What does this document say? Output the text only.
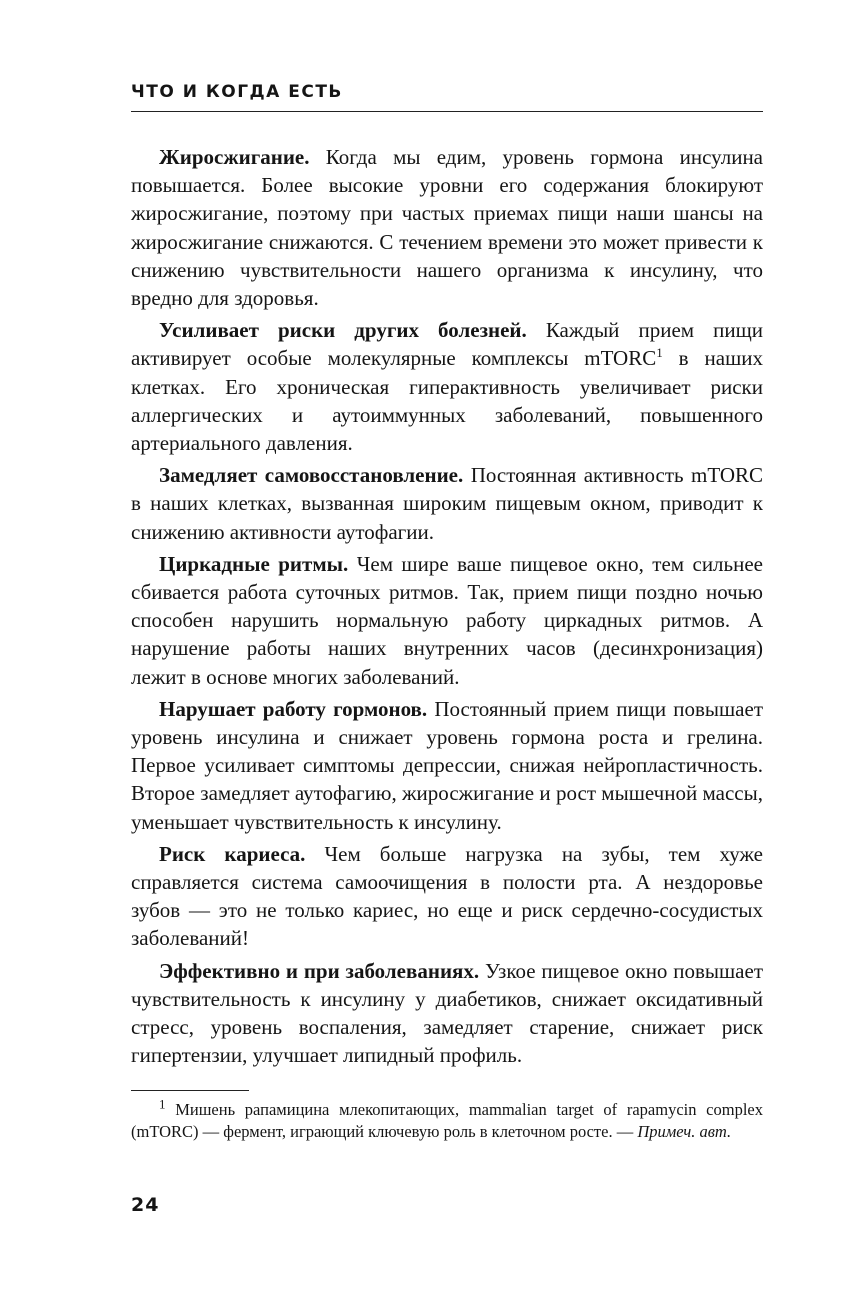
ЧТО И КОГДА ЕСТЬ

Жиросжигание. Когда мы едим, уровень гормона инсулина повышается. Более высокие уровни его содержания блокируют жиросжигание, поэтому при частых приемах пищи наши шансы на жиросжигание снижаются. С течением времени это может привести к снижению чувствительности нашего организма к инсулину, что вредно для здоровья.

Усиливает риски других болезней. Каждый прием пищи активирует особые молекулярные комплексы mTORC$^1$ в наших клетках. Его хроническая гиперактивность увеличивает риски аллергических и аутоиммунных заболеваний, повышенного артериального давления.

Замедляет самовосстановление. Постоянная активность mTORC в наших клетках, вызванная широким пищевым окном, приводит к снижению активности аутофагии.

Циркадные ритмы. Чем шире ваше пищевое окно, тем сильнее сбивается работа суточных ритмов. Так, прием пищи поздно ночью способен нарушить нормальную работу циркадных ритмов. А нарушение работы наших внутренних часов (десинхронизация) лежит в основе многих заболеваний.

Нарушает работу гормонов. Постоянный прием пищи повышает уровень инсулина и снижает уровень гормона роста и грелина. Первое усиливает симптомы депрессии, снижая нейропластичность. Второе замедляет аутофагию, жиросжигание и рост мышечной массы, уменьшает чувствительность к инсулину.

Риск кариеса. Чем больше нагрузка на зубы, тем хуже справляется система самоочищения в полости рта. А нездоровье зубов — это не только кариес, но еще и риск сердечно-сосудистых заболеваний!

Эффективно и при заболеваниях. Узкое пищевое окно повышает чувствительность к инсулину у диабетиков, снижает оксидативный стресс, уровень воспаления, замедляет старение, снижает риск гипертензии, улучшает липидный профиль.

$^1$ Мишень рапамицина млекопитающих, mammalian target of rapamycin complex (mTORC) — фермент, играющий ключевую роль в клеточном росте. — Примеч. авт.

24
